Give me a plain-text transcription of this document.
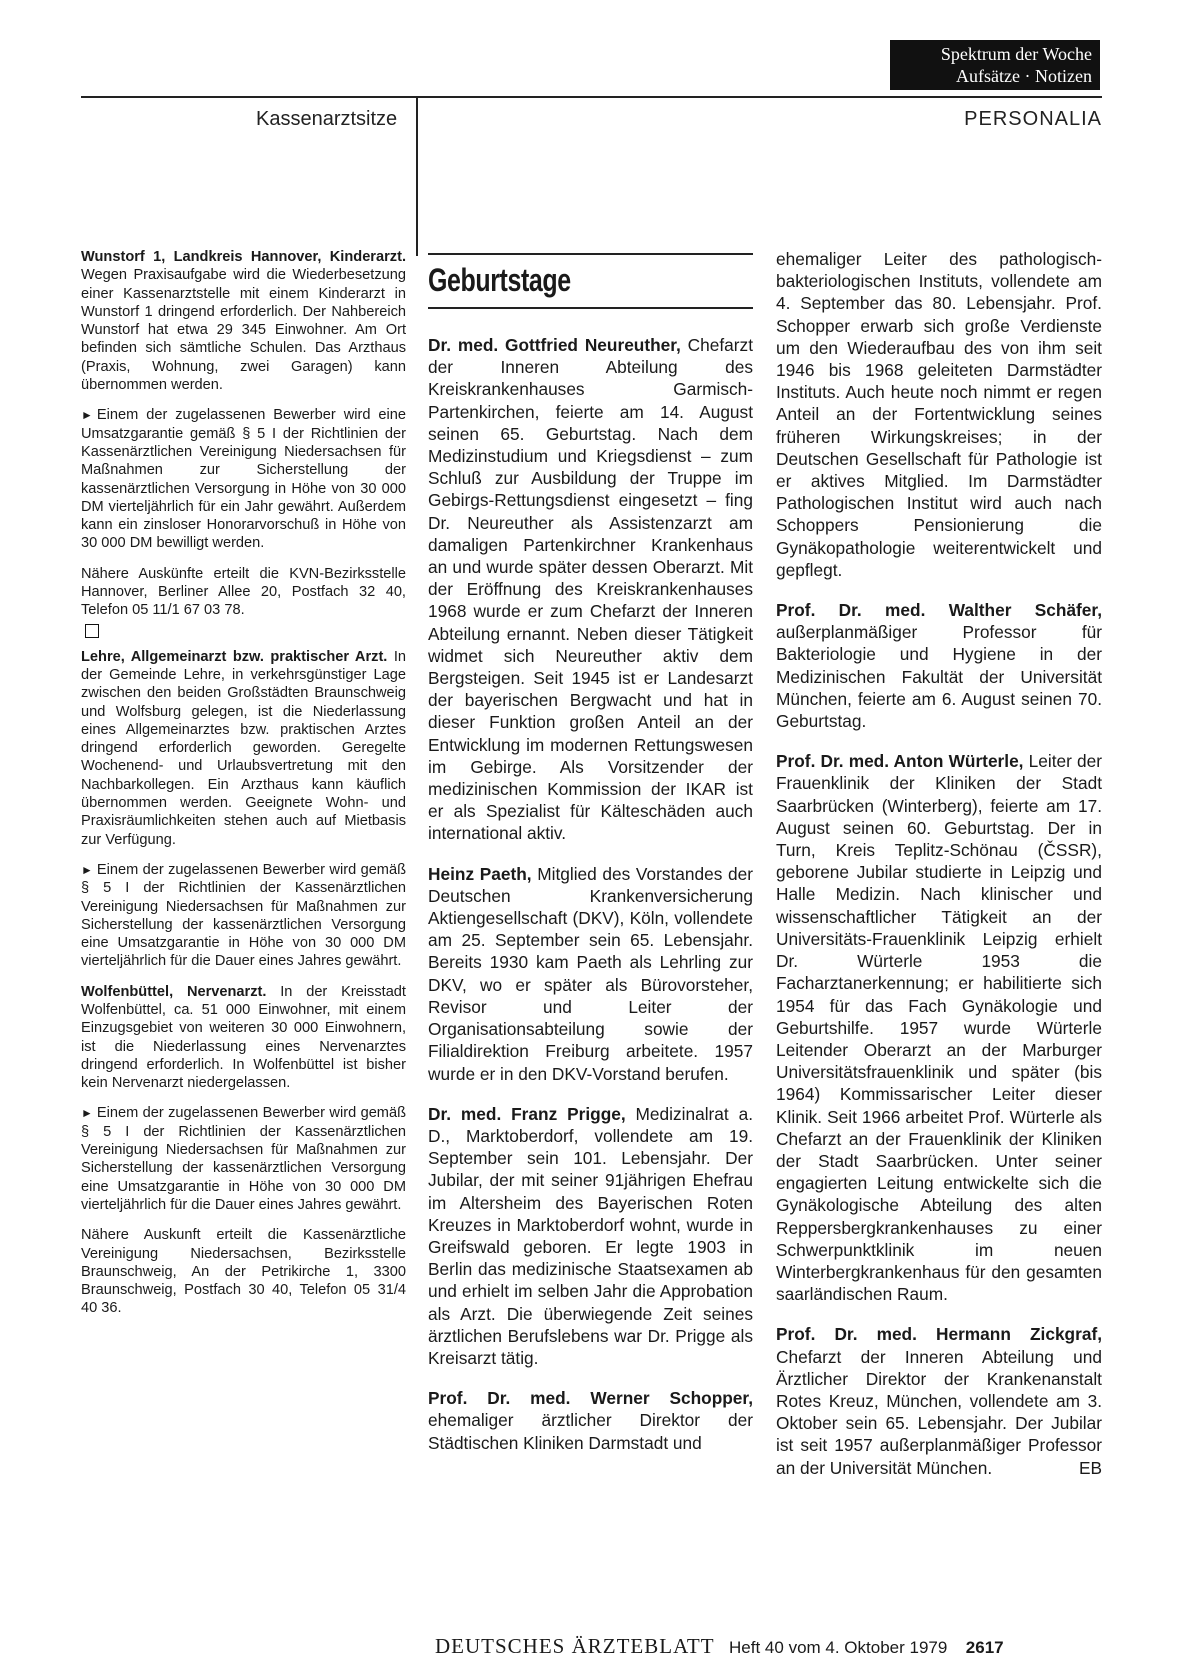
Spektrum der Woche
Aufsätze · Notizen
Kassenarztsitze	PERSONALIA

Wunstorf 1, Landkreis Hannover, Kinderarzt. Wegen Praxisaufgabe wird die Wiederbesetzung einer Kassenarztstelle mit einem Kinderarzt in Wunstorf 1 dringend erforderlich. Der Nahbereich Wunstorf hat etwa 29 345 Einwohner. Am Ort befinden sich sämtliche Schulen. Das Arzthaus (Praxis, Wohnung, zwei Garagen) kann übernommen werden.

► Einem der zugelassenen Bewerber wird eine Umsatzgarantie gemäß § 5 I der Richtlinien der Kassenärztlichen Vereinigung Niedersachsen für Maßnahmen zur Sicherstellung der kassenärztlichen Versorgung in Höhe von 30 000 DM vierteljährlich für ein Jahr gewährt. Außerdem kann ein zinsloser Honorarvorschuß in Höhe von 30 000 DM bewilligt werden.

Nähere Auskünfte erteilt die KVN-Bezirksstelle Hannover, Berliner Allee 20, Postfach 32 40, Telefon 05 11/1 67 03 78.

Lehre, Allgemeinarzt bzw. praktischer Arzt. In der Gemeinde Lehre, in verkehrsgünstiger Lage zwischen den beiden Großstädten Braunschweig und Wolfsburg gelegen, ist die Niederlassung eines Allgemeinarztes bzw. praktischen Arztes dringend erforderlich geworden. Geregelte Wochenend- und Urlaubsvertretung mit den Nachbarkollegen. Ein Arzthaus kann käuflich übernommen werden. Geeignete Wohn- und Praxisräumlichkeiten stehen auch auf Mietbasis zur Verfügung.

► Einem der zugelassenen Bewerber wird gemäß § 5 I der Richtlinien der Kassenärztlichen Vereinigung Niedersachsen für Maßnahmen zur Sicherstellung der kassenärztlichen Versorgung eine Umsatzgarantie in Höhe von 30 000 DM vierteljährlich für die Dauer eines Jahres gewährt.

Wolfenbüttel, Nervenarzt. In der Kreisstadt Wolfenbüttel, ca. 51 000 Einwohner, mit einem Einzugsgebiet von weiteren 30 000 Einwohnern, ist die Niederlassung eines Nervenarztes dringend erforderlich. In Wolfenbüttel ist bisher kein Nervenarzt niedergelassen.

► Einem der zugelassenen Bewerber wird gemäß § 5 I der Richtlinien der Kassenärztlichen Vereinigung Niedersachsen für Maßnahmen zur Sicherstellung der kassenärztlichen Versorgung eine Umsatzgarantie in Höhe von 30 000 DM vierteljährlich für die Dauer eines Jahres gewährt.

Nähere Auskunft erteilt die Kassenärztliche Vereinigung Niedersachsen, Bezirksstelle Braunschweig, An der Petrikirche 1, 3300 Braunschweig, Postfach 30 40, Telefon 05 31/4 40 36.

Geburtstage

Dr. med. Gottfried Neureuther, Chefarzt der Inneren Abteilung des Kreiskrankenhauses Garmisch-Partenkirchen, feierte am 14. August seinen 65. Geburtstag. Nach dem Medizinstudium und Kriegsdienst – zum Schluß zur Ausbildung der Truppe im Gebirgs-Rettungsdienst eingesetzt – fing Dr. Neureuther als Assistenzarzt am damaligen Partenkirchner Krankenhaus an und wurde später dessen Oberarzt. Mit der Eröffnung des Kreiskrankenhauses 1968 wurde er zum Chefarzt der Inneren Abteilung ernannt. Neben dieser Tätigkeit widmet sich Neureuther aktiv dem Bergsteigen. Seit 1945 ist er Landesarzt der bayerischen Bergwacht und hat in dieser Funktion großen Anteil an der Entwicklung im modernen Rettungswesen im Gebirge. Als Vorsitzender der medizinischen Kommission der IKAR ist er als Spezialist für Kälteschäden auch international aktiv.

Heinz Paeth, Mitglied des Vorstandes der Deutschen Krankenversicherung Aktiengesellschaft (DKV), Köln, vollendete am 25. September sein 65. Lebensjahr. Bereits 1930 kam Paeth als Lehrling zur DKV, wo er später als Bürovorsteher, Revisor und Leiter der Organisationsabteilung sowie der Filialdirektion Freiburg arbeitete. 1957 wurde er in den DKV-Vorstand berufen.

Dr. med. Franz Prigge, Medizinalrat a. D., Marktoberdorf, vollendete am 19. September sein 101. Lebensjahr. Der Jubilar, der mit seiner 91jährigen Ehefrau im Altersheim des Bayerischen Roten Kreuzes in Marktoberdorf wohnt, wurde in Greifswald geboren. Er legte 1903 in Berlin das medizinische Staatsexamen ab und erhielt im selben Jahr die Approbation als Arzt. Die überwiegende Zeit seines ärztlichen Berufslebens war Dr. Prigge als Kreisarzt tätig.

Prof. Dr. med. Werner Schopper, ehemaliger ärztlicher Direktor der Städtischen Kliniken Darmstadt und

ehemaliger Leiter des pathologisch-bakteriologischen Instituts, vollendete am 4. September das 80. Lebensjahr. Prof. Schopper erwarb sich große Verdienste um den Wiederaufbau des von ihm seit 1946 bis 1968 geleiteten Darmstädter Instituts. Auch heute noch nimmt er regen Anteil an der Fortentwicklung seines früheren Wirkungskreises; in der Deutschen Gesellschaft für Pathologie ist er aktives Mitglied. Im Darmstädter Pathologischen Institut wird auch nach Schoppers Pensionierung die Gynäkopathologie weiterentwickelt und gepflegt.

Prof. Dr. med. Walther Schäfer, außerplanmäßiger Professor für Bakteriologie und Hygiene in der Medizinischen Fakultät der Universität München, feierte am 6. August seinen 70. Geburtstag.

Prof. Dr. med. Anton Würterle, Leiter der Frauenklinik der Kliniken der Stadt Saarbrücken (Winterberg), feierte am 17. August seinen 60. Geburtstag. Der in Turn, Kreis Teplitz-Schönau (ČSSR), geborene Jubilar studierte in Leipzig und Halle Medizin. Nach klinischer und wissenschaftlicher Tätigkeit an der Universitäts-Frauenklinik Leipzig erhielt Dr. Würterle 1953 die Facharztanerkennung; er habilitierte sich 1954 für das Fach Gynäkologie und Geburtshilfe. 1957 wurde Würterle Leitender Oberarzt an der Marburger Universitätsfrauenklinik und später (bis 1964) Kommissarischer Leiter dieser Klinik. Seit 1966 arbeitet Prof. Würterle als Chefarzt an der Frauenklinik der Kliniken der Stadt Saarbrücken. Unter seiner engagierten Leitung entwickelte sich die Gynäkologische Abteilung des alten Reppersbergkrankenhauses zu einer Schwerpunktklinik im neuen Winterbergkrankenhaus für den gesamten saarländischen Raum.

Prof. Dr. med. Hermann Zickgraf, Chefarzt der Inneren Abteilung und Ärztlicher Direktor der Krankenanstalt Rotes Kreuz, München, vollendete am 3. Oktober sein 65. Lebensjahr. Der Jubilar ist seit 1957 außerplanmäßiger Professor an der Universität München.	EB

DEUTSCHES ÄRZTEBLATT Heft 40 vom 4. Oktober 1979 2617
